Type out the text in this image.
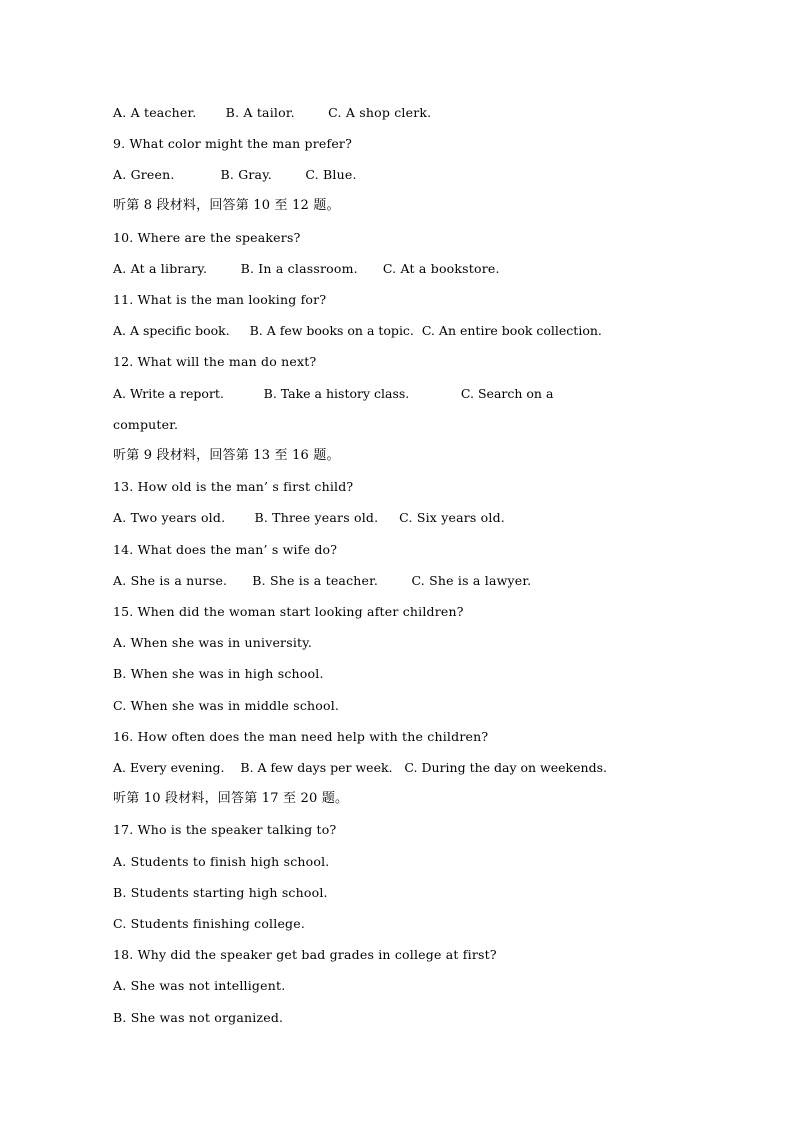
A. A teacher.       B. A tailor.        C. A shop clerk.
9. What color might the man prefer?
A. Green.           B. Gray.        C. Blue.
听第 8 段材料，回答第 10 至 12 题。
10. Where are the speakers?
A. At a library.        B. In a classroom.      C. At a bookstore.
11. What is the man looking for?
A. A specific book.     B. A few books on a topic.  C. An entire book collection.
12. What will the man do next?
A. Write a report.          B. Take a history class.             C. Search on a
computer.
听第 9 段材料，回答第 13 至 16 题。
13. How old is the man’ s first child?
A. Two years old.       B. Three years old.     C. Six years old.
14. What does the man’ s wife do?
A. She is a nurse.      B. She is a teacher.        C. She is a lawyer.
15. When did the woman start looking after children?
A. When she was in university.
B. When she was in high school.
C. When she was in middle school.
16. How often does the man need help with the children?
A. Every evening.    B. A few days per week.   C. During the day on weekends.
听第 10 段材料，回答第 17 至 20 题。
17. Who is the speaker talking to?
A. Students to finish high school.
B. Students starting high school.
C. Students finishing college.
18. Why did the speaker get bad grades in college at first?
A. She was not intelligent.
B. She was not organized.
